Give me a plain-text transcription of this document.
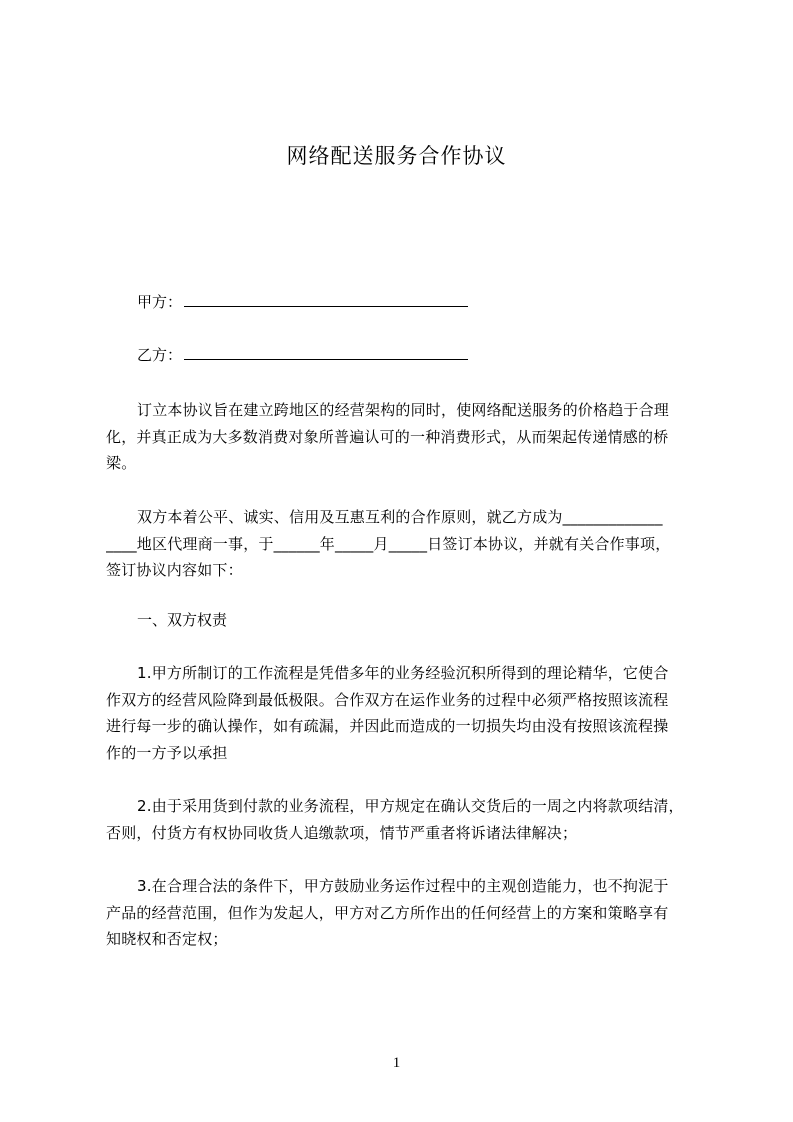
网络配送服务合作协议
甲方：
乙方：
订立本协议旨在建立跨地区的经营架构的同时，使网络配送服务的价格趋于合理
化，并真正成为大多数消费对象所普遍认可的一种消费形式，从而架起传递情感的桥
梁。
双方本着公平、诚实、信用及互惠互利的合作原则，就乙方成为_____________
____地区代理商一事，于______年_____月_____日签订本协议，并就有关合作事项，
签订协议内容如下：
一、双方权责
1.甲方所制订的工作流程是凭借多年的业务经验沉积所得到的理论精华，它使合
作双方的经营风险降到最低极限。合作双方在运作业务的过程中必须严格按照该流程
进行每一步的确认操作，如有疏漏，并因此而造成的一切损失均由没有按照该流程操
作的一方予以承担
2.由于采用货到付款的业务流程，甲方规定在确认交货后的一周之内将款项结清，
否则，付货方有权协同收货人追缴款项，情节严重者将诉诸法律解决；
3.在合理合法的条件下，甲方鼓励业务运作过程中的主观创造能力，也不拘泥于
产品的经营范围，但作为发起人，甲方对乙方所作出的任何经营上的方案和策略享有
知晓权和否定权；
1
